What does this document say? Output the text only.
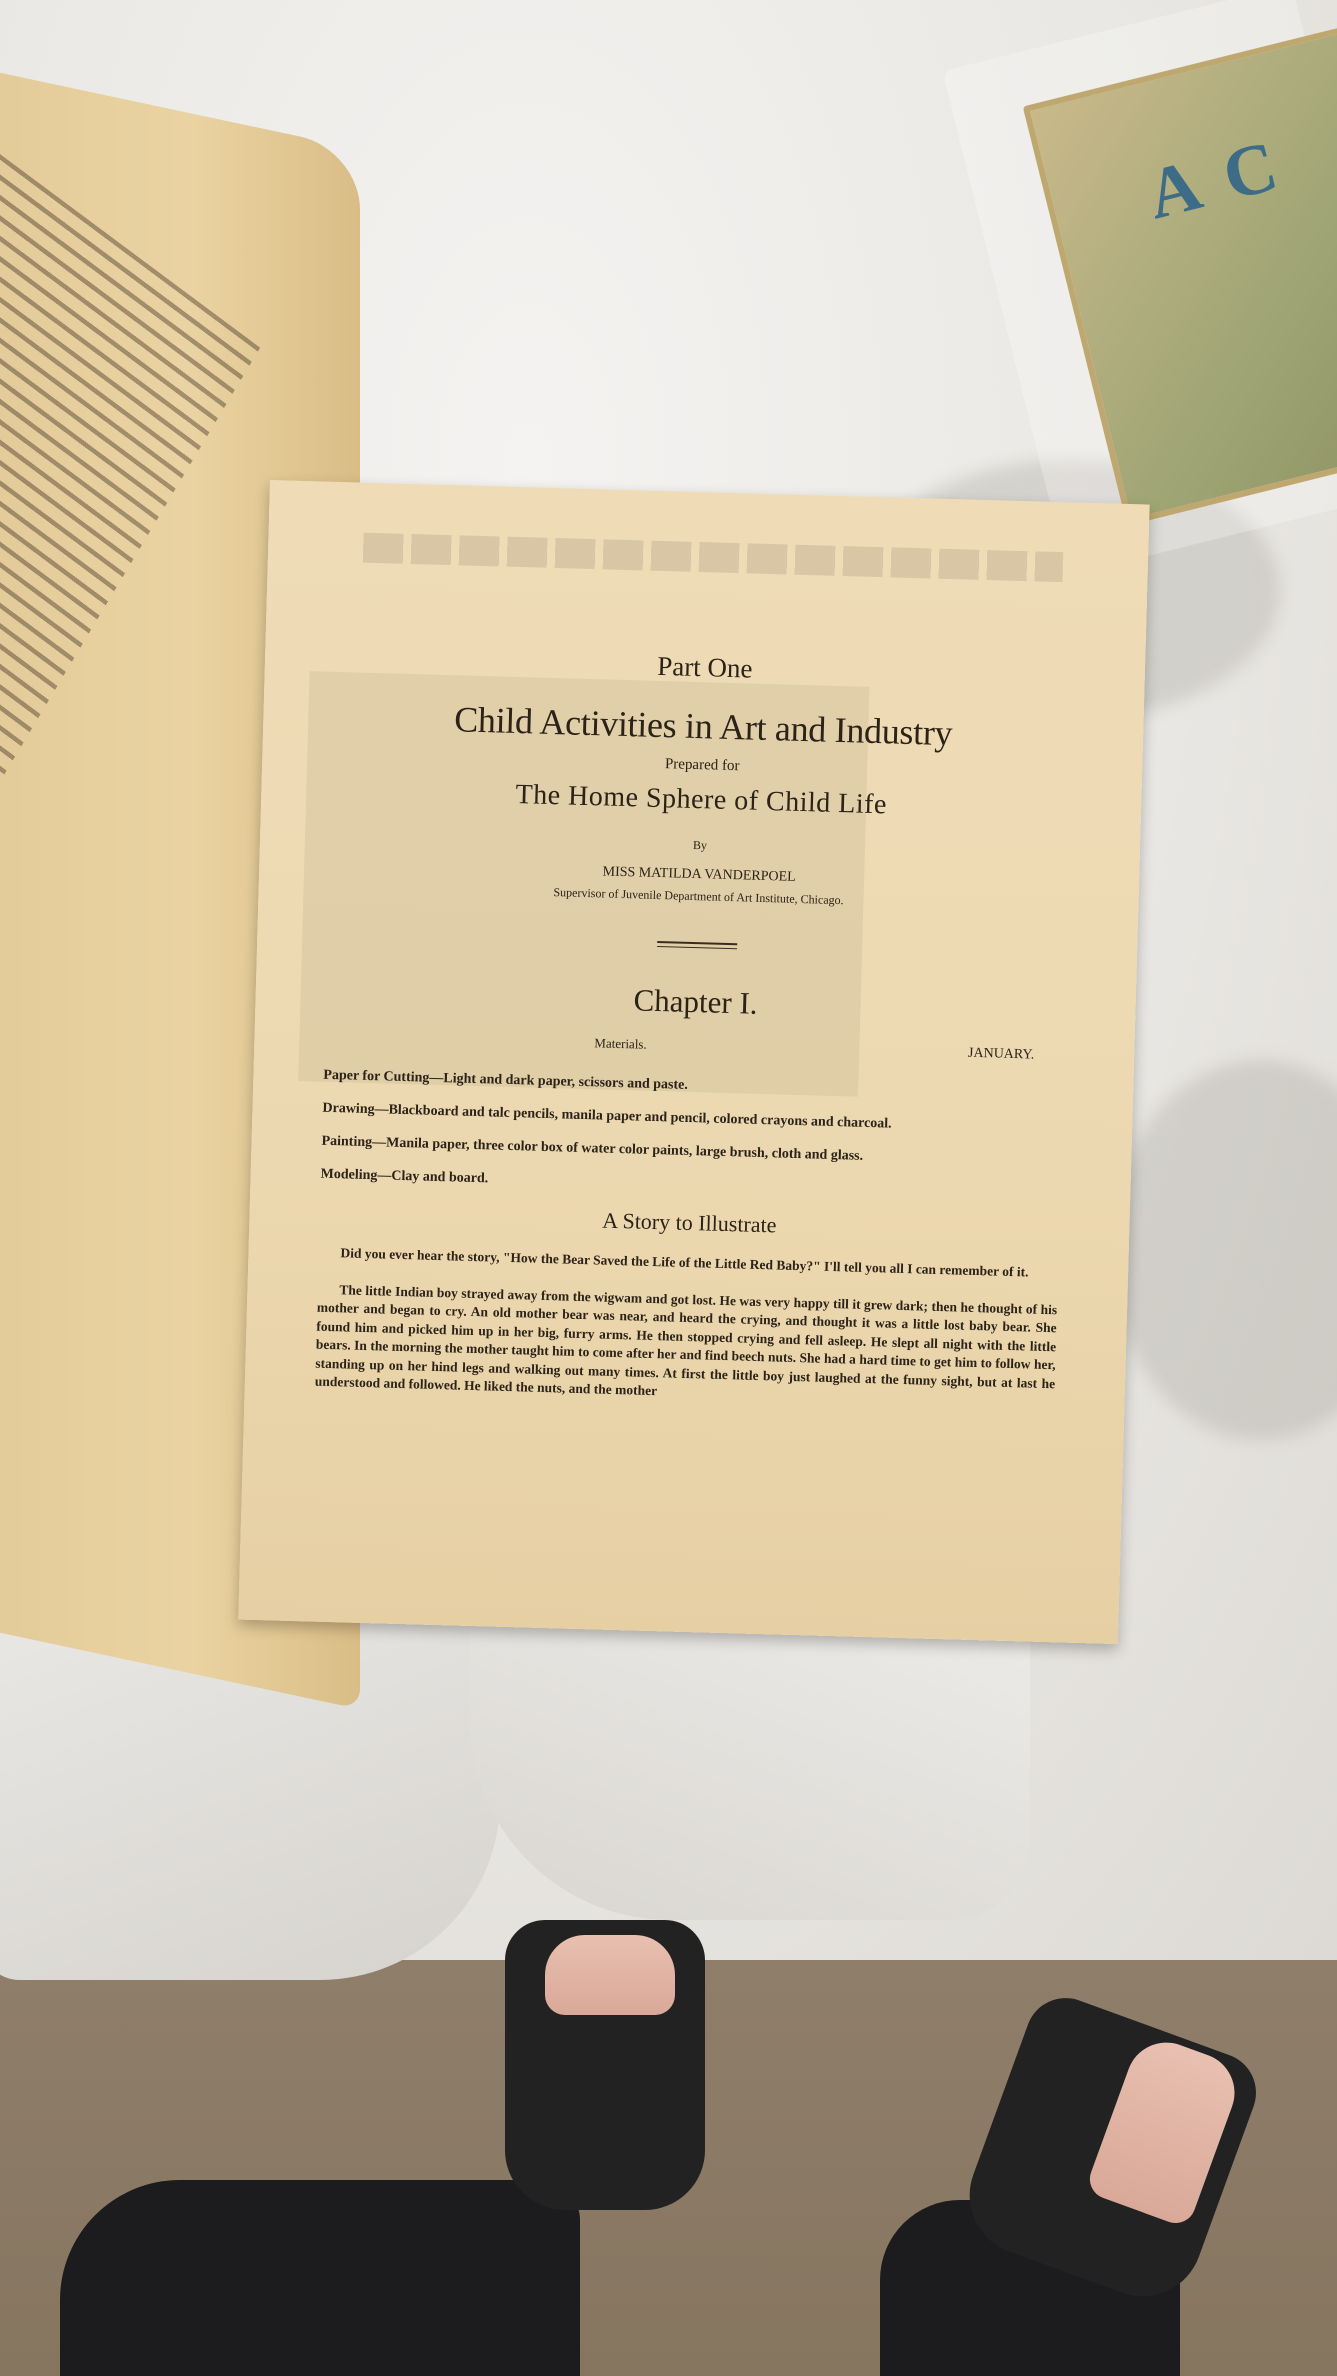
A C
Part One
Child Activities in Art and Industry
Prepared for
The Home Sphere of Child Life
By
MISS MATILDA VANDERPOEL
Supervisor of Juvenile Department of Art Institute, Chicago.
Chapter I.
Materials.
JANUARY.
Paper for Cutting—Light and dark paper, scissors and paste.
Drawing—Blackboard and talc pencils, manila paper and pencil, colored crayons and charcoal.
Painting—Manila paper, three color box of water color paints, large brush, cloth and glass.
Modeling—Clay and board.
A Story to Illustrate
Did you ever hear the story, "How the Bear Saved the Life of the Little Red Baby?" I'll tell you all I can remember of it.
The little Indian boy strayed away from the wigwam and got lost. He was very happy till it grew dark; then he thought of his mother and began to cry. An old mother bear was near, and heard the crying, and thought it was a little lost baby bear. She found him and picked him up in her big, furry arms. He then stopped crying and fell asleep. He slept all night with the little bears. In the morning the mother taught him to come after her and find beech nuts. She had a hard time to get him to follow her, standing up on her hind legs and walking out many times. At first the little boy just laughed at the funny sight, but at last he understood and followed. He liked the nuts, and the mother
